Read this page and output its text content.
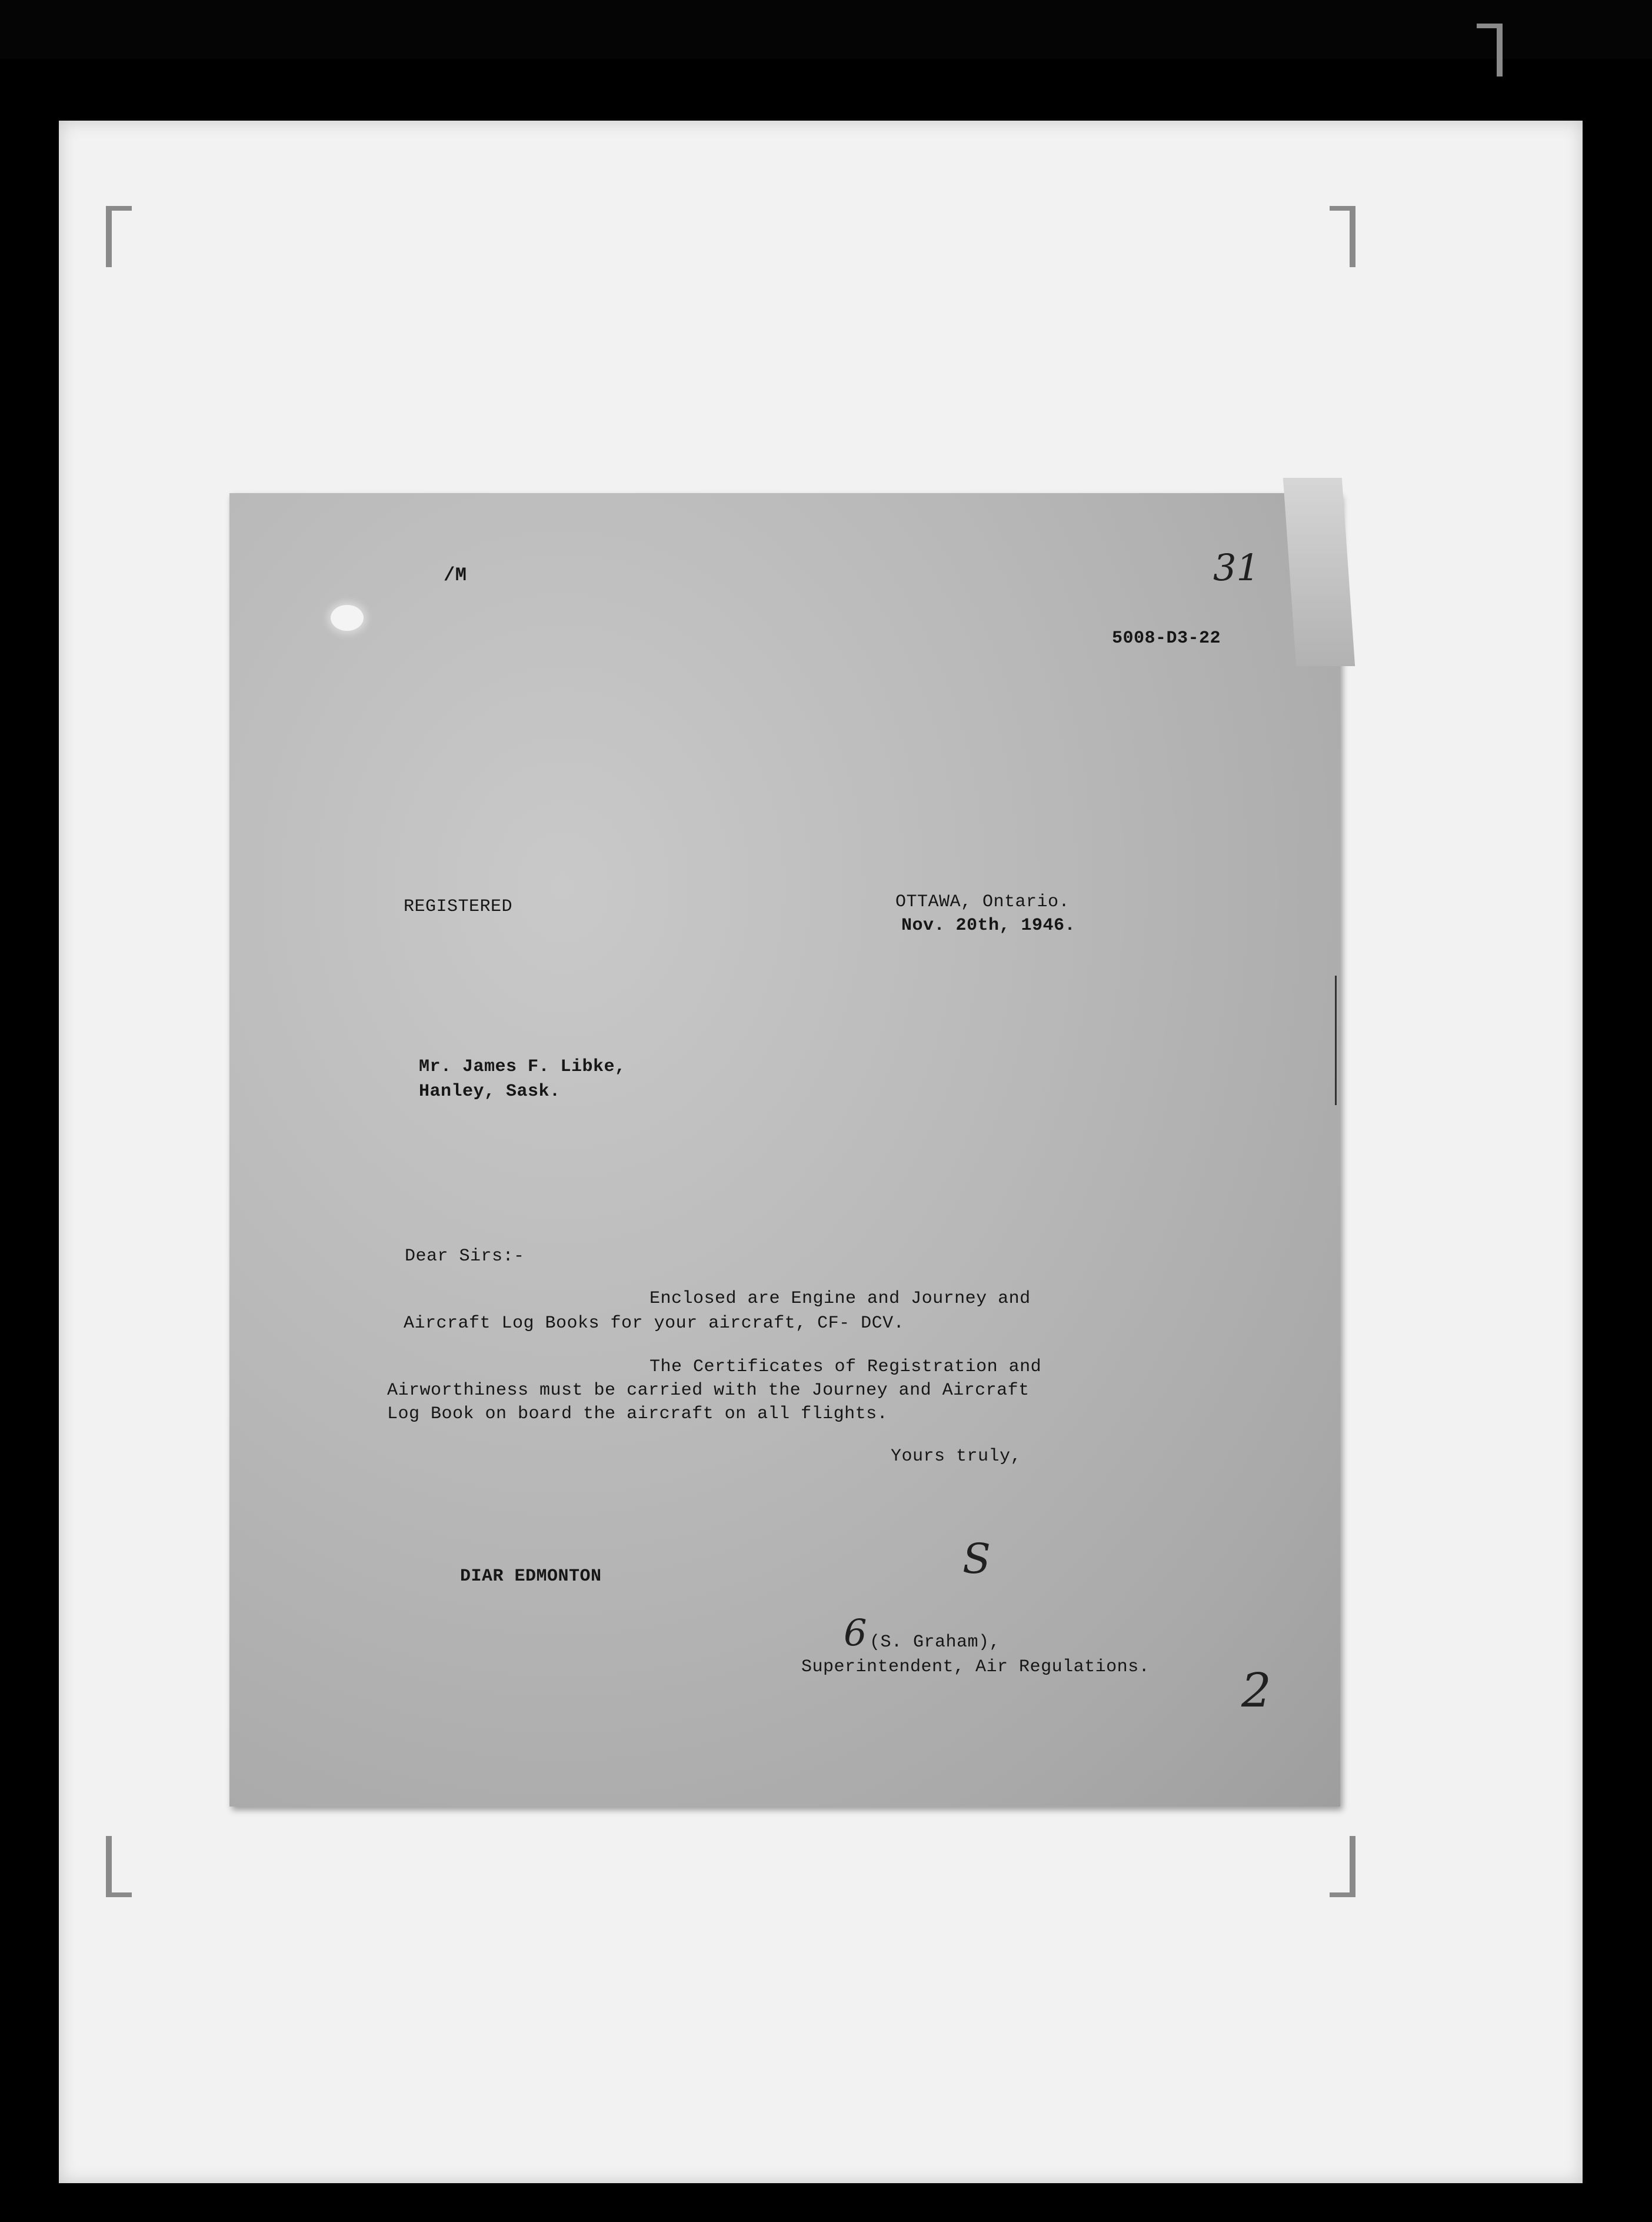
/M	31
5008-D3-22
REGISTERED	OTTAWA, Ontario.
Nov. 20th, 1946.
Mr. James F. Libke,
Hanley, Sask.
Dear Sirs:-
Enclosed are Engine and Journey and
Aircraft Log Books for your aircraft, CF- DCV.
The Certificates of Registration and
Airworthiness must be carried with the Journey and Aircraft
Log Book on board the aircraft on all flights.
Yours truly,
DIAR EDMONTON	S
6 (S. Graham),
Superintendent, Air Regulations. 2
